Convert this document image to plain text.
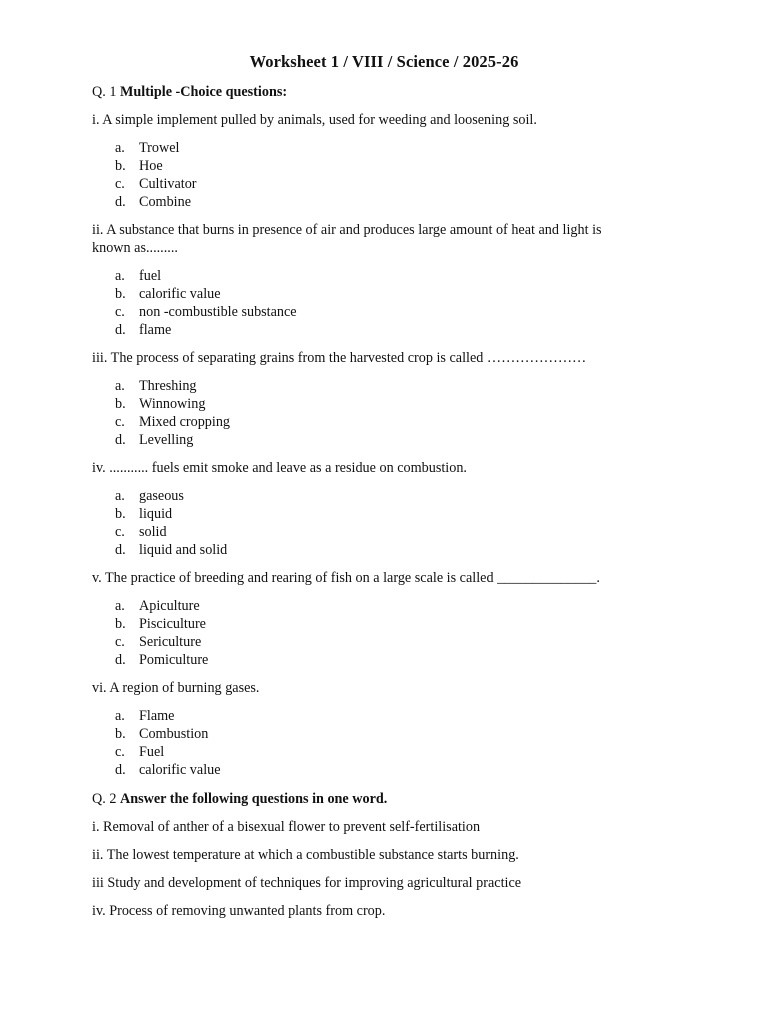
Worksheet 1 / VIII / Science / 2025-26
Q. 1 Multiple -Choice questions:
i. A simple implement pulled by animals, used for weeding and loosening soil.
a. Trowel
b. Hoe
c. Cultivator
d. Combine
ii. A substance that burns in presence of air and produces large amount of heat and light is
known as.........
a. fuel
b. calorific value
c. non -combustible substance
d. flame
iii. The process of separating grains from the harvested crop is called …………………
a. Threshing
b. Winnowing
c. Mixed cropping
d. Levelling
iv. ........... fuels emit smoke and leave as a residue on combustion.
a. gaseous
b. liquid
c. solid
d. liquid and solid
v. The practice of breeding and rearing of fish on a large scale is called ______________.
a. Apiculture
b. Pisciculture
c. Sericulture
d. Pomiculture
vi. A region of burning gases.
a. Flame
b. Combustion
c. Fuel
d. calorific value
Q. 2 Answer the following questions in one word.
i. Removal of anther of a bisexual flower to prevent self-fertilisation
ii. The lowest temperature at which a combustible substance starts burning.
iii Study and development of techniques for improving agricultural practice
iv. Process of removing unwanted plants from crop.
